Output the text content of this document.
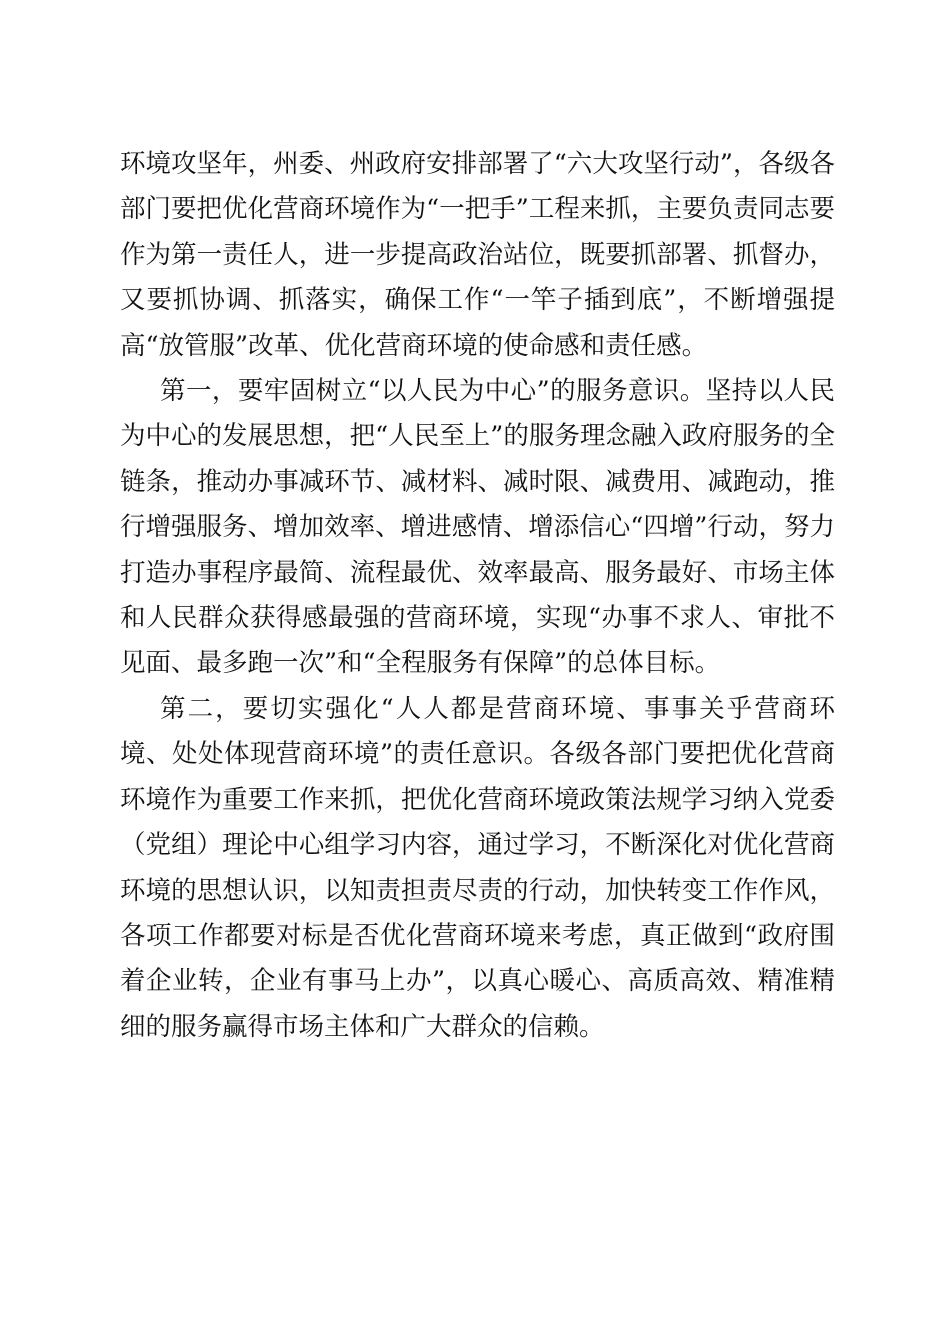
环境攻坚年，州委、州政府安排部署了“六大攻坚行动”，各级各部门要把优化营商环境作为“一把手”工程来抓，主要负责同志要作为第一责任人，进一步提高政治站位，既要抓部署、抓督办，又要抓协调、抓落实，确保工作“一竿子插到底”，不断增强提高“放管服”改革、优化营商环境的使命感和责任感。

第一，要牢固树立“以人民为中心”的服务意识。坚持以人民为中心的发展思想，把“人民至上”的服务理念融入政府服务的全链条，推动办事减环节、减材料、减时限、减费用、减跑动，推行增强服务、增加效率、增进感情、增添信心“四增”行动，努力打造办事程序最简、流程最优、效率最高、服务最好、市场主体和人民群众获得感最强的营商环境，实现“办事不求人、审批不见面、最多跑一次”和“全程服务有保障”的总体目标。

第二，要切实强化“人人都是营商环境、事事关乎营商环境、处处体现营商环境”的责任意识。各级各部门要把优化营商环境作为重要工作来抓，把优化营商环境政策法规学习纳入党委（党组）理论中心组学习内容，通过学习，不断深化对优化营商环境的思想认识，以知责担责尽责的行动，加快转变工作作风，各项工作都要对标是否优化营商环境来考虑，真正做到“政府围着企业转，企业有事马上办”，以真心暖心、高质高效、精准精细的服务赢得市场主体和广大群众的信赖。
